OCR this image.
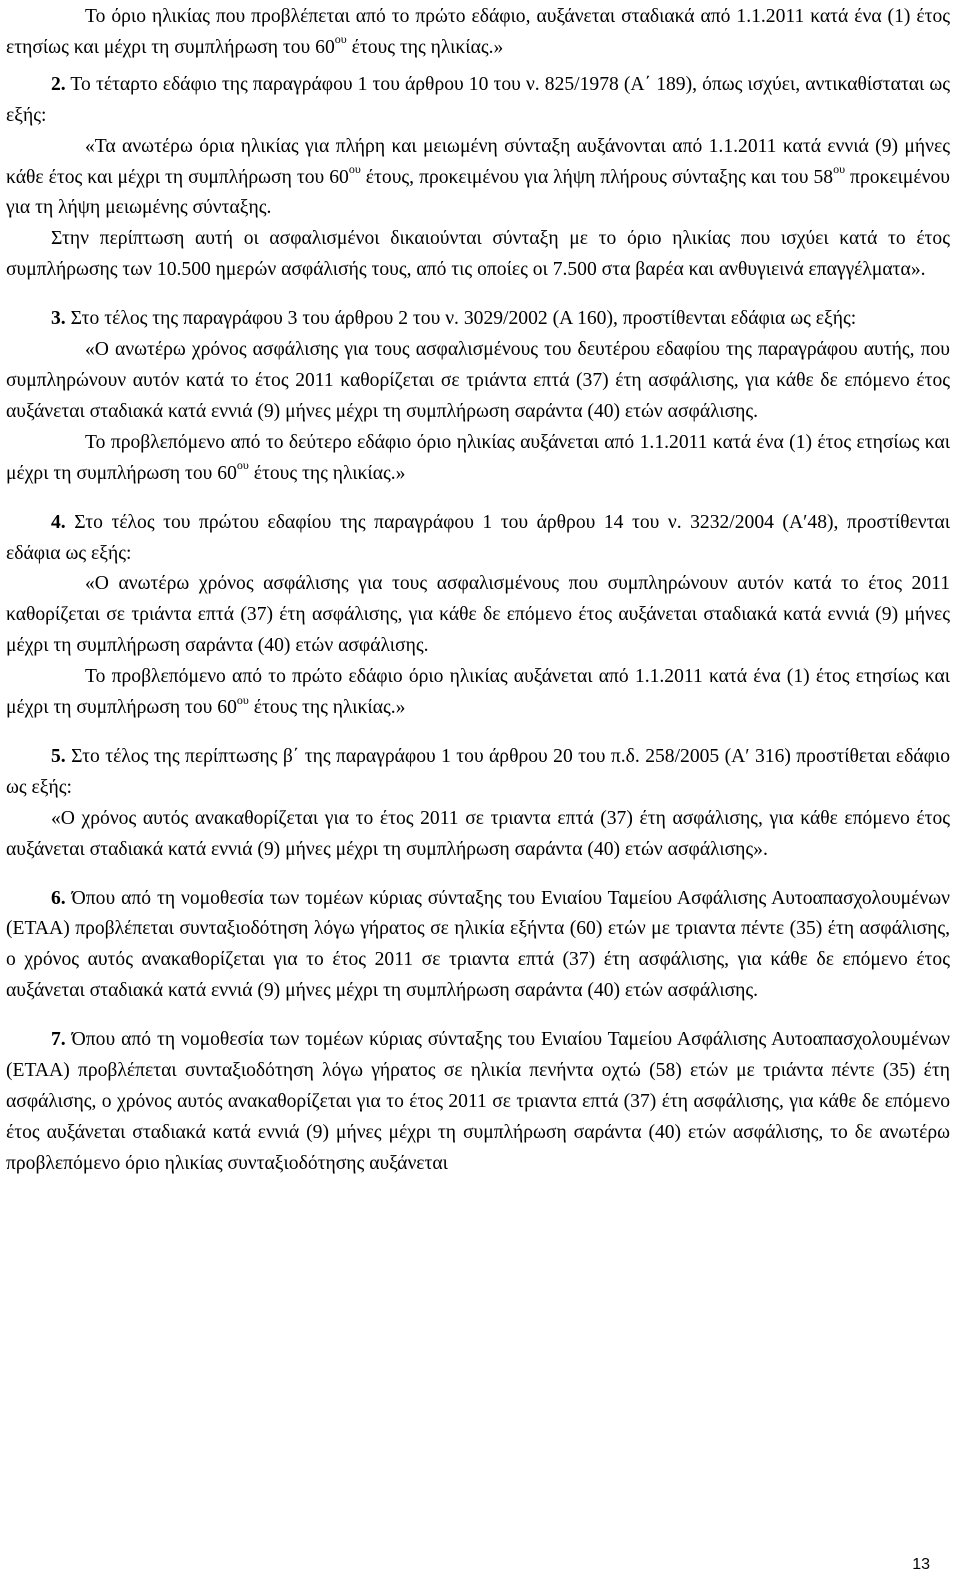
Το όριο ηλικίας που προβλέπεται από το πρώτο εδάφιο, αυξάνεται σταδιακά από 1.1.2011 κατά ένα (1) έτος ετησίως και μέχρι τη συμπλήρωση του $60^{o\upsilon}$ έτους της ηλικίας.»

2. Το τέταρτο εδάφιο της παραγράφου 1 του άρθρου 10 του ν. 825/1978 (Α΄ 189), όπως ισχύει, αντικαθίσταται ως εξής:

«Τα ανωτέρω όρια ηλικίας για πλήρη και μειωμένη σύνταξη αυξάνονται από 1.1.2011 κατά εννιά (9) μήνες κάθε έτος και μέχρι τη συμπλήρωση του $60^{o\upsilon}$ έτους, προκειμένου για λήψη πλήρους σύνταξης και του $58^{o\upsilon}$ προκειμένου για τη λήψη μειωμένης σύνταξης.

Στην περίπτωση αυτή οι ασφαλισμένοι δικαιούνται σύνταξη με το όριο ηλικίας που ισχύει κατά το έτος συμπλήρωσης των 10.500 ημερών ασφάλισής τους, από τις οποίες οι 7.500 στα βαρέα και ανθυγιεινά επαγγέλματα».

3. Στο τέλος της παραγράφου 3 του άρθρου 2 του ν. 3029/2002 (Α 160), προστίθενται εδάφια ως εξής:

«Ο ανωτέρω χρόνος ασφάλισης για τους ασφαλισμένους του δευτέρου εδαφίου της παραγράφου αυτής, που συμπληρώνουν αυτόν κατά το έτος 2011 καθορίζεται σε τριάντα επτά (37) έτη ασφάλισης, για κάθε δε επόμενο έτος αυξάνεται σταδιακά κατά εννιά (9) μήνες μέχρι τη συμπλήρωση σαράντα (40) ετών ασφάλισης.

Το προβλεπόμενο από το δεύτερο εδάφιο όριο ηλικίας αυξάνεται από 1.1.2011 κατά ένα (1) έτος ετησίως και μέχρι τη συμπλήρωση του $60^{o\upsilon}$ έτους της ηλικίας.»

4. Στο τέλος του πρώτου εδαφίου της παραγράφου 1 του άρθρου 14 του ν. 3232/2004 (Α′48), προστίθενται εδάφια ως εξής:

«Ο ανωτέρω χρόνος ασφάλισης για τους ασφαλισμένους που συμπληρώνουν αυτόν κατά το έτος 2011 καθορίζεται σε τριάντα επτά (37) έτη ασφάλισης, για κάθε δε επόμενο έτος αυξάνεται σταδιακά κατά εννιά (9) μήνες μέχρι τη συμπλήρωση σαράντα (40) ετών ασφάλισης.

Το προβλεπόμενο από το πρώτο εδάφιο όριο ηλικίας αυξάνεται από 1.1.2011 κατά ένα (1) έτος ετησίως και μέχρι τη συμπλήρωση του $60^{o\upsilon}$ έτους της ηλικίας.»

5. Στο τέλος της περίπτωσης β΄ της παραγράφου 1 του άρθρου 20 του π.δ. 258/2005 (Α′ 316) προστίθεται εδάφιο ως εξής:

«Ο χρόνος αυτός ανακαθορίζεται για το έτος 2011 σε τριαντα επτά (37) έτη ασφάλισης, για κάθε επόμενο έτος αυξάνεται σταδιακά κατά εννιά (9) μήνες μέχρι τη συμπλήρωση σαράντα (40) ετών ασφάλισης».

6. Όπου από τη νομοθεσία των τομέων κύριας σύνταξης του Ενιαίου Ταμείου Ασφάλισης Αυτοαπασχολουμένων (ΕΤΑΑ) προβλέπεται συνταξιοδότηση λόγω γήρατος σε ηλικία εξήντα (60) ετών με τριαντα πέντε (35) έτη ασφάλισης, ο χρόνος αυτός ανακαθορίζεται για το έτος 2011 σε τριαντα επτά (37) έτη ασφάλισης, για κάθε δε επόμενο έτος αυξάνεται σταδιακά κατά εννιά (9) μήνες μέχρι τη συμπλήρωση σαράντα (40) ετών ασφάλισης.

7. Όπου από τη νομοθεσία των τομέων κύριας σύνταξης του Ενιαίου Ταμείου Ασφάλισης Αυτοαπασχολουμένων (ΕΤΑΑ) προβλέπεται συνταξιοδότηση λόγω γήρατος σε ηλικία πενήντα οχτώ (58) ετών με τριάντα πέντε (35) έτη ασφάλισης, ο χρόνος αυτός ανακαθορίζεται για το έτος 2011 σε τριαντα επτά (37) έτη ασφάλισης, για κάθε δε επόμενο έτος αυξάνεται σταδιακά κατά εννιά (9) μήνες μέχρι τη συμπλήρωση σαράντα (40) ετών ασφάλισης, το δε ανωτέρω προβλεπόμενο όριο ηλικίας συνταξιοδότησης αυξάνεται

13
